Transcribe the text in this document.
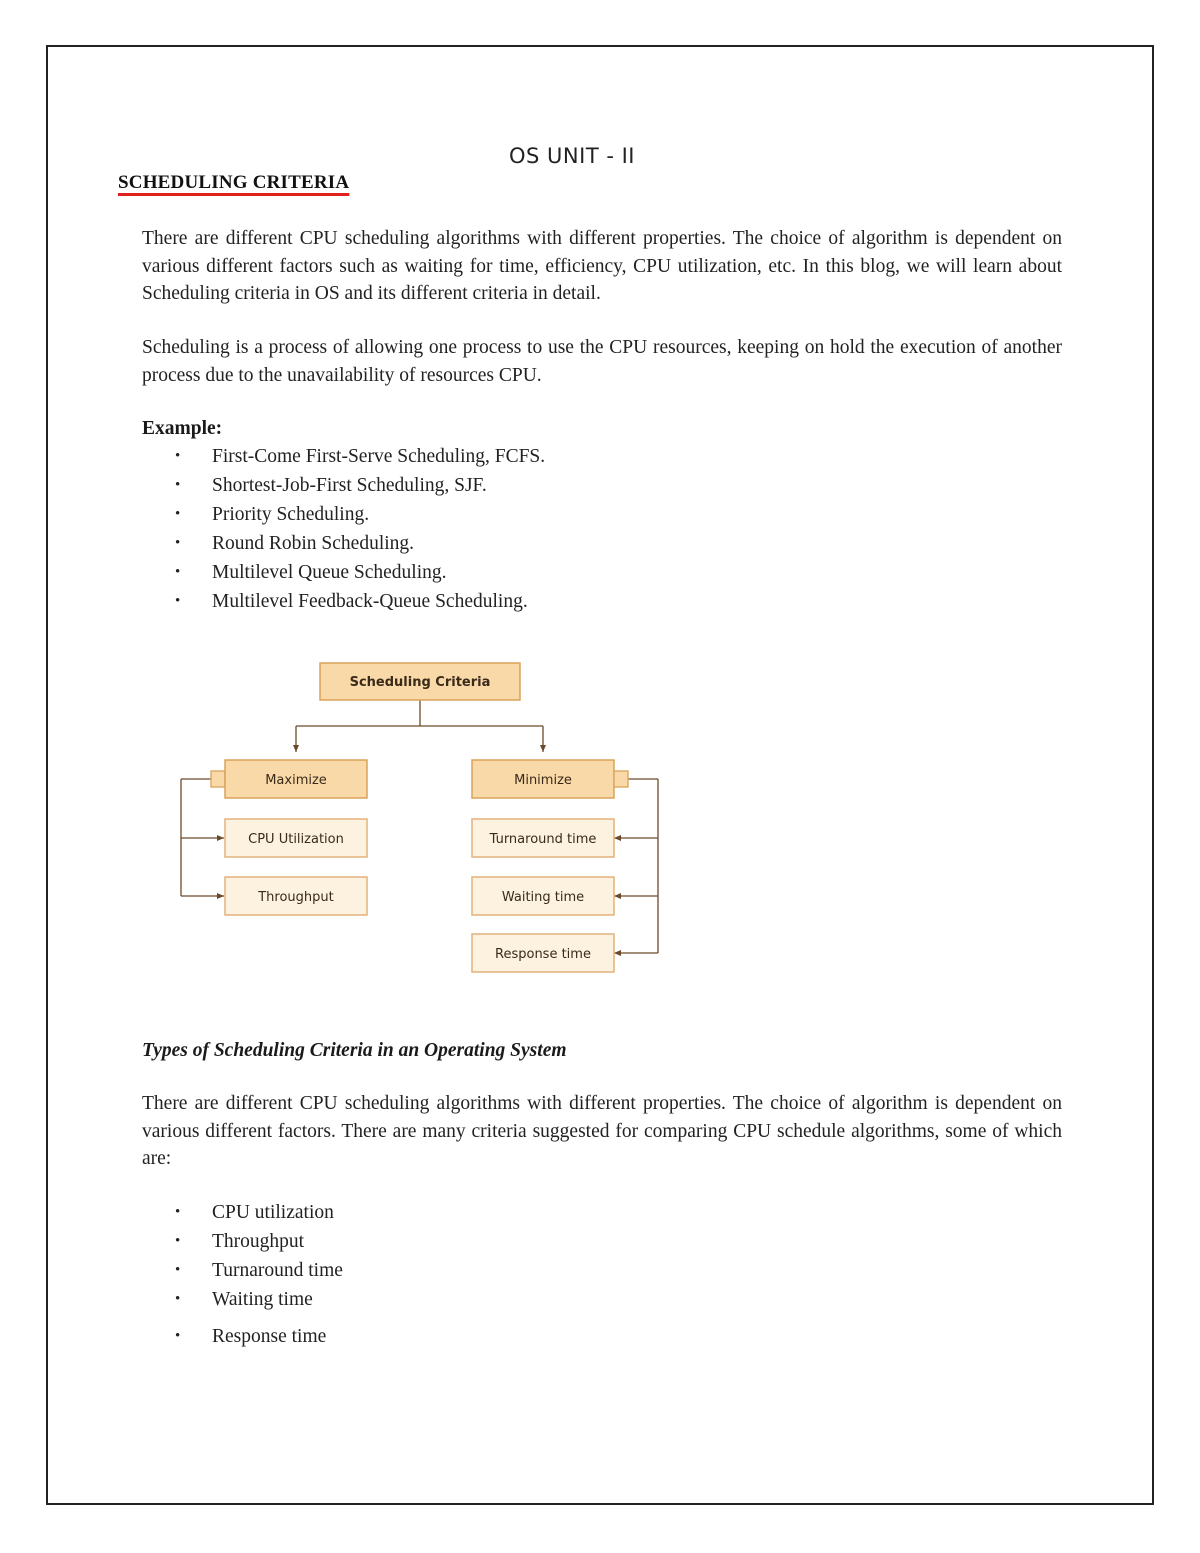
OS UNIT - II
SCHEDULING CRITERIA

There are different CPU scheduling algorithms with different properties. The choice of algorithm is dependent on various different factors such as waiting for time, efficiency, CPU utilization, etc. In this blog, we will learn about Scheduling criteria in OS and its different criteria in detail.

Scheduling is a process of allowing one process to use the CPU resources, keeping on hold the execution of another process due to the unavailability of resources CPU.

Example:
• First-Come First-Serve Scheduling, FCFS.
• Shortest-Job-First Scheduling, SJF.
• Priority Scheduling.
• Round Robin Scheduling.
• Multilevel Queue Scheduling.
• Multilevel Feedback-Queue Scheduling.
Scheduling Criteria
Maximize
CPU Utilization
Throughput
Minimize
Turnaround time
Waiting time
Response time
Types of Scheduling Criteria in an Operating System

There are different CPU scheduling algorithms with different properties. The choice of algorithm is dependent on various different factors. There are many criteria suggested for comparing CPU schedule algorithms, some of which are:

• CPU utilization
• Throughput
• Turnaround time
• Waiting time
• Response time
